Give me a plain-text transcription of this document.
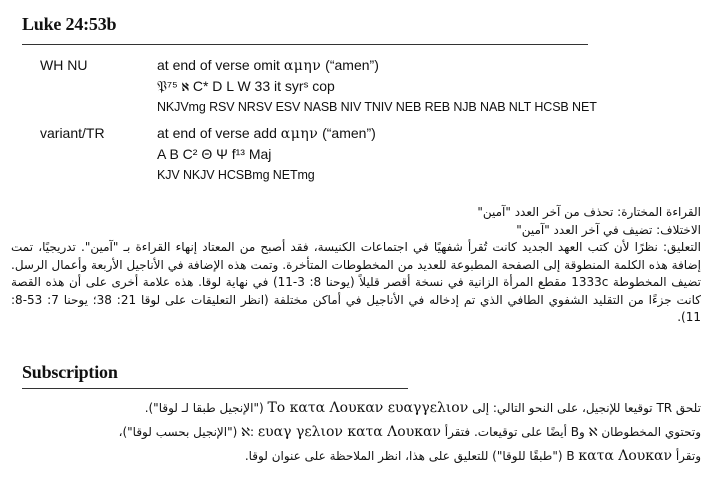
Luke 24:53b
WH NU	at end of verse omit αμην (“amen”)
𝔓⁷⁵ ℵ C* D L W 33 it syrˢ cop
NKJVmg RSV NRSV ESV NASB NIV TNIV NEB REB NJB NAB NLT HCSB NET
variant/TR	at end of verse add αμην (“amen”)
A B C² Θ Ψ f¹³ Maj
KJV NKJV HCSBmg NETmg

القراءة المختارة: تحذف من آخر العدد "آمين"

الاختلاف: تضيف في آخر العدد "آمين"

التعليق: نظرًا لأن كتب العهد الجديد كانت تُقرأ شفهيًا في اجتماعات الكنيسة، فقد أصبح من المعتاد إنهاء القراءة بـ "آمين". تدريجيًا، تمت إضافة هذه الكلمة المنطوقة إلى الصفحة المطبوعة للعديد من المخطوطات المتأخرة. وتمت هذه الإضافة في الأناجيل الأربعة وأعمال الرسل. تضيف المخطوطة 1333c مقطع المرأة الزانية في نسخة أقصر قليلاً (يوحنا 8: 3-11) في نهاية لوقا. هذه علامة أخرى على أن هذه القصة كانت جزءًا من التقليد الشفوي الطافي الذي تم إدخاله في الأناجيل في أماكن مختلفة (انظر التعليقات على لوقا 21: 38؛ يوحنا 7: 53-8: 11).

Subscription
تلحق TR توقيعا للإنجيل، على النحو التالي: إلى Το κατα Λουκαν ευαγγελιον ("الإنجيل طبقا لـ لوقا").
وتحتوي المخطوطان ℵ وB أيضًا على توقيعات. فتقرأ ℵ: ευαγ γελιον κατα Λουκαν ("الإنجيل بحسب لوقا")،
وتقرأ B κατα Λουκαν ("طبقًا للوقا") للتعليق على هذا، انظر الملاحظة على عنوان لوقا.
